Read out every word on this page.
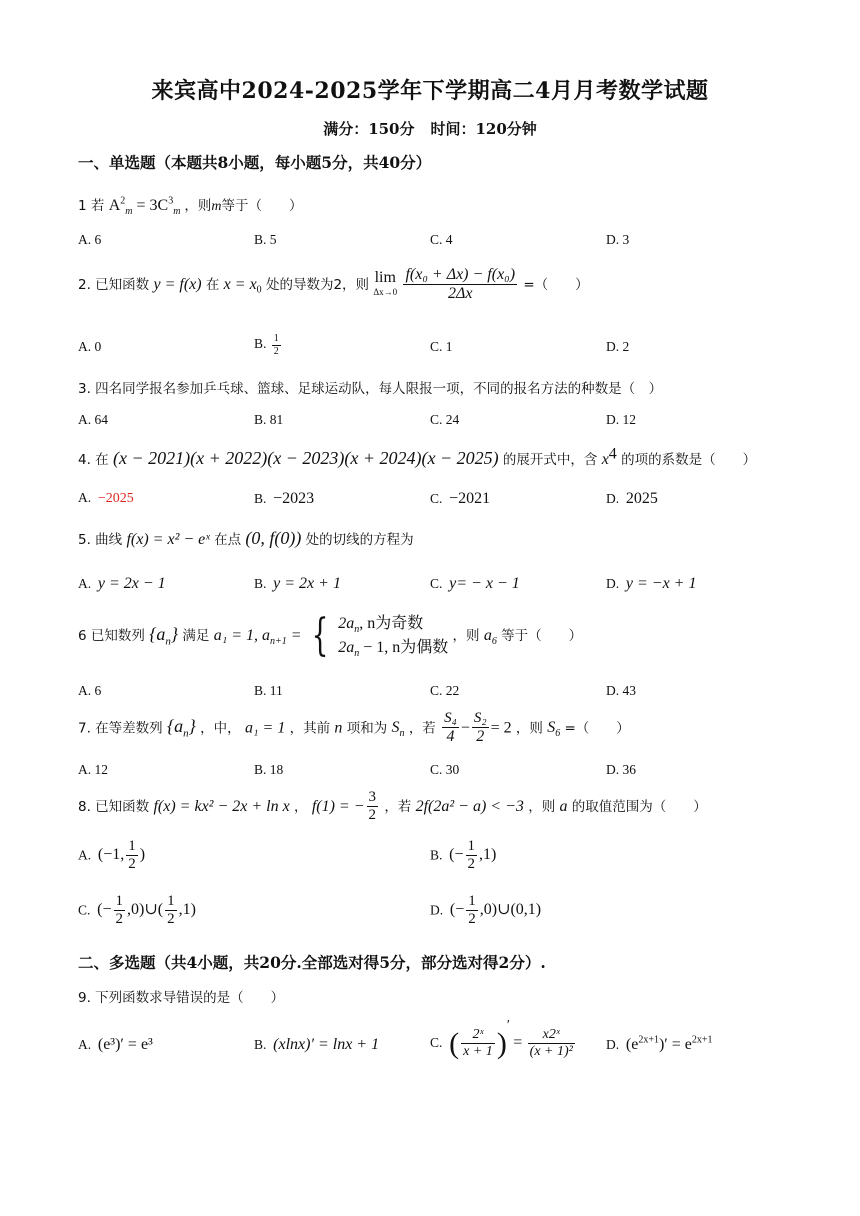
来宾高中2024-2025学年下学期高二4月月考数学试题
满分：150分 时间：120分钟
一、单选题（本题共8小题，每小题5分，共40分）
1 若 $A^2_m = 3C^3_m$ ，则m等于（　　）
A. 6	B. 5	C. 4	D. 3
2. 已知函数 y = f(x) 在 $x = x_0$ 处的导数为2，则 lim
Δx→0
$\frac{\text{f(x₀ + Δx) − f(x₀)}}{2\Delta x}$ =（　　）
A. 0	B. $\frac{1}{2}$	C. 1	D. 2
3. 四名同学报名参加乒乓球、篮球、足球运动队，每人限报一项，不同的报名方法的种数是（　）
A. 64	B. 81	C. 24	D. 12
4. 在 (x − 2021)(x + 2022)(x − 2023)(x + 2024)(x − 2025) 的展开式中，含 $x^4$ 的项的系数是（　　）
A. −2025	B. −2023	C. −2021	D. 2025
5. 曲线 f(x) = x² − eˣ 在点 (0, f(0)) 处的切线的方程为
A. y = 2x − 1	B. y = 2x + 1	C. y= − x − 1	D. y = −x + 1
6 已知数列 $\{a_n\}$ 满足 a₁ = 1, $a_{n+1}$ = { $2a_n$, n为奇数
$2a_n - 1$, n为偶数
，则 $a_6$ 等于（　　）
A. 6	B. 11	C. 22	D. 43
7. 在等差数列 $\{a_n\}$ ，中， a₁ = 1 ，其前 n 项和为 $S_n$ ，若 $\frac{\text{S₄}}{4} - \frac{\text{S₂}}{2} = 2$ ，则 $S_6$ =（　　）
A. 12	B. 18	C. 30	D. 36
8. 已知函数 f(x) = kx² − 2x + ln x ， f(1) = − $\frac{3}{2}$ ，若 2f(2a² − a) < −3 ，则 a 的取值范围为（　　）
A. (−1, $\frac{1}{2}$ )	B. (− $\frac{1}{2} ,1$)
C. (− $\frac{1}{2}$ ,0)∪( $\frac{1}{2} ,1$)	D. (− $\frac{1}{2}$ ,0)∪(0,1)
二、多选题（共4小题，共20分.全部选对得5分，部分选对得2分）.
9. 下列函数求导错误的是（　　）
A. (e³)′ = e³	B. (xlnx)′ = lnx + 1	C. ( $\frac{\text{2ˣ}}{x + 1} )' = \frac{\text{x2ˣ}}{\text{(x + 1)²}} D$. $(e^{2x+1})' = e^{2x+1}$
